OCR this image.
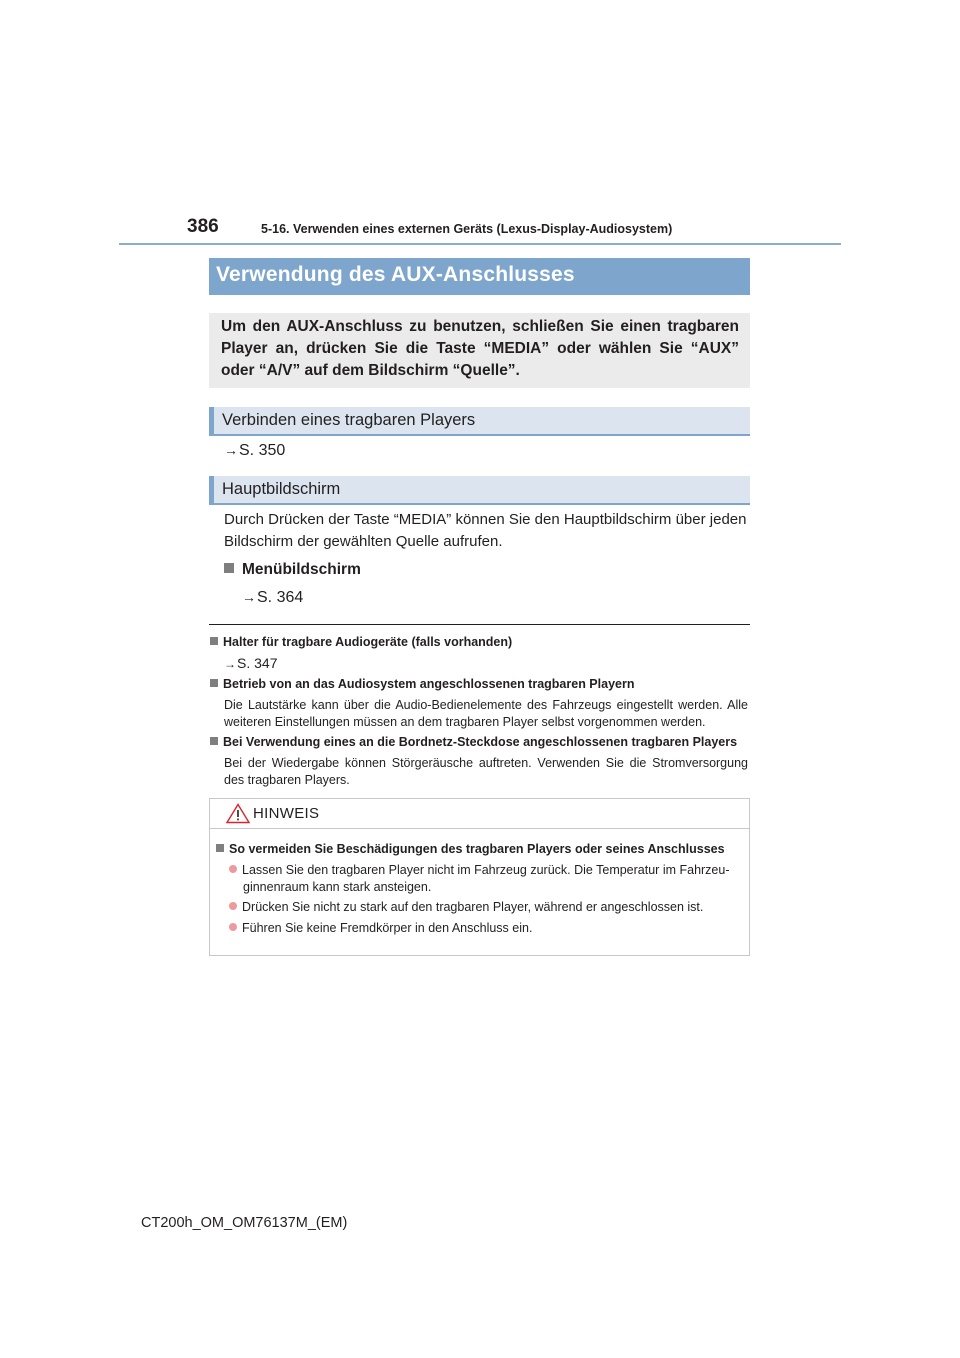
386	5-16. Verwenden eines externen Geräts (Lexus-Display-Audiosystem)
Verwendung des AUX-Anschlusses
Um den AUX-Anschluss zu benutzen, schließen Sie einen tragbaren Player an, drücken Sie die Taste “MEDIA” oder wählen Sie “AUX” oder “A/V” auf dem Bildschirm “Quelle”.
Verbinden eines tragbaren Players
→S. 350
Hauptbildschirm
Durch Drücken der Taste “MEDIA” können Sie den Hauptbildschirm über jeden Bildschirm der gewählten Quelle aufrufen.
Menübildschirm
→S. 364
Halter für tragbare Audiogeräte (falls vorhanden)
→S. 347
Betrieb von an das Audiosystem angeschlossenen tragbaren Playern
Die Lautstärke kann über die Audio-Bedienelemente des Fahrzeugs eingestellt werden. Alle weiteren Einstellungen müssen an dem tragbaren Player selbst vorgenommen werden.
Bei Verwendung eines an die Bordnetz-Steckdose angeschlossenen tragbaren Players
Bei der Wiedergabe können Störgeräusche auftreten. Verwenden Sie die Stromversorgung des tragbaren Players.
HINWEIS
So vermeiden Sie Beschädigungen des tragbaren Players oder seines Anschlusses
Lassen Sie den tragbaren Player nicht im Fahrzeug zurück. Die Temperatur im Fahrzeu-
ginnenraum kann stark ansteigen.
Drücken Sie nicht zu stark auf den tragbaren Player, während er angeschlossen ist.
Führen Sie keine Fremdkörper in den Anschluss ein.
CT200h_OM_OM76137M_(EM)
